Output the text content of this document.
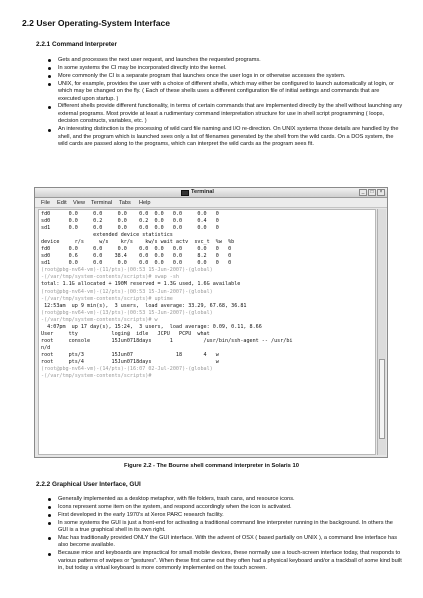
2.2 User Operating-System Interface
2.2.1 Command Interpreter
Gets and processes the next user request, and launches the requested programs.
In some systems the CI may be incorporated directly into the kernel.
More commonly the CI is a separate program that launches once the user logs in or otherwise accesses the system.
UNIX, for example, provides the user with a choice of different shells, which may either be configured to launch automatically at login, or which may be changed on the fly. ( Each of these shells uses a different configuration file of initial settings and commands that are executed upon startup. )
Different shells provide different functionality, in terms of certain commands that are implemented directly by the shell without launching any external programs. Most provide at least a rudimentary command interpretation structure for use in shell script programming ( loops, decision constructs, variables, etc. )
An interesting distinction is the processing of wild card file naming and I/O re-direction. On UNIX systems those details are handled by the shell, and the program which is launched sees only a list of filenames generated by the shell from the wild cards. On a DOS system, the wild cards are passed along to the programs, which can interpret the wild cards as the program sees fit.
Terminal	_	□	×
File Edit View Terminal Tabs Help
fd0      0.0     0.0     0.0    0.0  0.0   0.0     0.0   0
sd0      0.0     0.2     0.0    0.2  0.0   0.0     0.4   0
sd1      0.0     0.0     0.0    0.0  0.0   0.0     0.0   0
extended device statistics
device     r/s     w/s    kr/s    kw/s wait actv  svc_t  %w  %b
fd0      0.0     0.0     0.0    0.0  0.0   0.0     0.0   0   0
sd0      0.6     0.0    38.4    0.0  0.0   0.0     8.2   0   0
sd1      0.0     0.0     0.0    0.0  0.0   0.0     0.0   0   0
(root@pbg-nv64-vm)-(11/pts)-(00:53 15-Jun-2007)-(global)
-(/var/tmp/system-contents/scripts)# swap -sh
total: 1.1G allocated + 190M reserved = 1.3G used, 1.6G available
(root@pbg-nv64-vm)-(12/pts)-(00:53 15-Jun-2007)-(global)
-(/var/tmp/system-contents/scripts)# uptime
12:53am  up 9 min(s),  3 users,  load average: 33.29, 67.68, 36.81
(root@pbg-nv64-vm)-(13/pts)-(00:53 15-Jun-2007)-(global)
-(/var/tmp/system-contents/scripts)# w
4:07pm  up 17 day(s), 15:24,  3 users,  load average: 0.09, 0.11, 8.66
User     tty           login@  idle   JCPU   PCPU  what
root     console       15Jun0718days      1          /usr/bin/ssh-agent -- /usr/bi
n/d
root     pts/3         15Jun07              18       4   w
root     pts/4         15Jun0718days                     w
(root@pbg-nv64-vm)-(14/pts)-(16:07 02-Jul-2007)-(global)
-(/var/tmp/system-contents/scripts)#

Figure 2.2 - The Bourne shell command interpreter in Solaris 10
2.2.2 Graphical User Interface, GUI
Generally implemented as a desktop metaphor, with file folders, trash cans, and resource icons.
Icons represent some item on the system, and respond accordingly when the icon is activated.
First developed in the early 1970's at Xerox PARC research facility.
In some systems the GUI is just a front-end for activating a traditional command line interpreter running in the background. In others the GUI is a true graphical shell in its own right.
Mac has traditionally provided ONLY the GUI interface. With the advent of OSX ( based partially on UNIX ), a command line interface has also become available.
Because mice and keyboards are impractical for small mobile devices, these normally use a touch-screen interface today, that responds to various patterns of swipes or "gestures". When these first came out they often had a physical keyboard and/or a trackball of some kind built in, but today a virtual keyboard is more commonly implemented on the touch screen.
